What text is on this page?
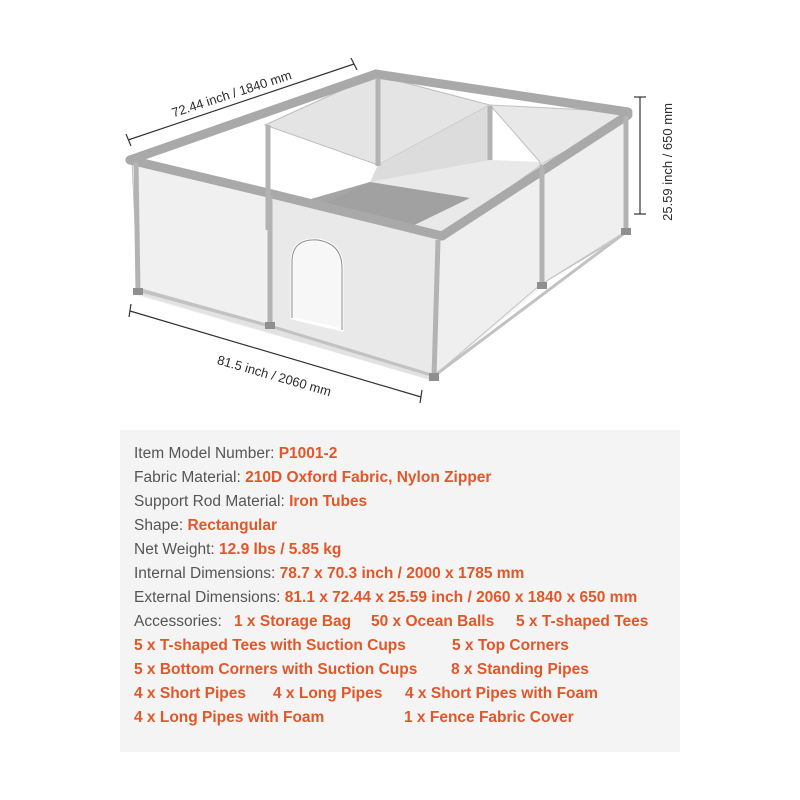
72.44 inch / 1840 mm
81.5 inch / 2060 mm
25.59 inch / 650 mm
Item Model Number: P1001-2
Fabric Material: 210D Oxford Fabric, Nylon Zipper
Support Rod Material: Iron Tubes
Shape: Rectangular
Net Weight: 12.9 lbs / 5.85 kg
Internal Dimensions: 78.7 x 70.3 inch / 2000 x 1785 mm
External Dimensions: 81.1 x 72.44 x 25.59 inch / 2060 x 1840 x 650 mm
Accessories: 1 x Storage Bag 50 x Ocean Balls 5 x T-shaped Tees
5 x T-shaped Tees with Suction Cups	5 x Top Corners
5 x Bottom Corners with Suction Cups 8 x Standing Pipes
4 x Short Pipes 4 x Long Pipes 4 x Short Pipes with Foam
4 x Long Pipes with Foam	1 x Fence Fabric Cover
